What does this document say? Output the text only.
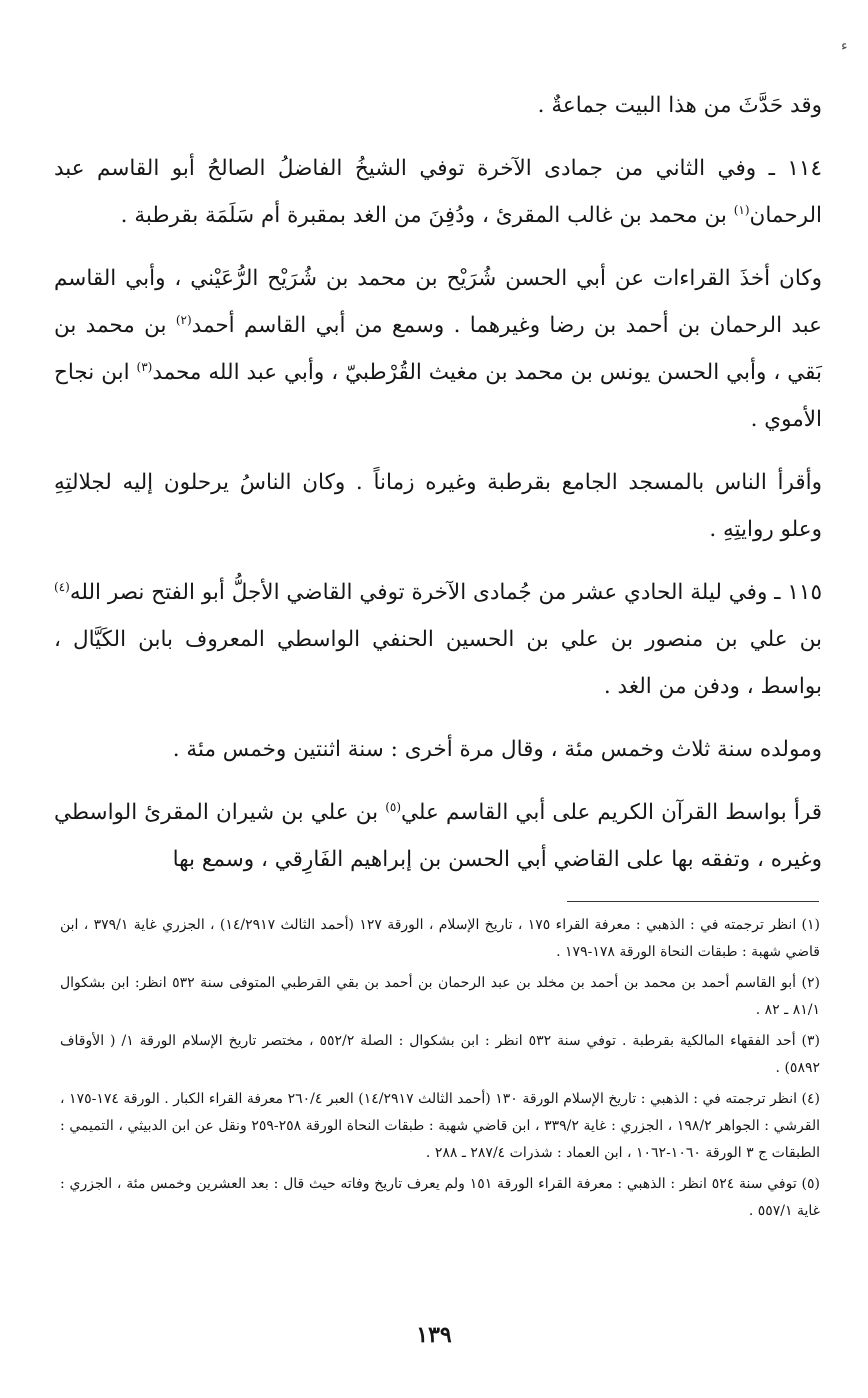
ء

وقد حَدَّثَ من هذا البيت جماعةٌ .

١١٤ ـ وفي الثاني من جمادى الآخرة توفي الشيخُ الفاضلُ الصالحُ أبو القاسم عبد الرحمان$^{(١)}$ بن محمد بن غالب المقرئ ، ودُفِنَ من الغد بمقبرة أم سَلَمَة بقرطبة .

وكان أخذَ القراءات عن أبي الحسن شُرَيْح بن محمد بن شُرَيْح الرُّعَيْني ، وأبي القاسم عبد الرحمان بن أحمد بن رضا وغيرهما . وسمع من أبي القاسم أحمد$^{(٢)}$ بن محمد بن بَقي ، وأبي الحسن يونس بن محمد بن مغيث القُرْطبيّ ، وأبي عبد الله محمد$^{(٣)}$ ابن نجاح الأموي .

وأقرأ الناس بالمسجد الجامع بقرطبة وغيره زماناً . وكان الناسُ يرحلون إليه لجلالتِهِ وعلو روايتِهِ .

١١٥ ـ وفي ليلة الحادي عشر من جُمادى الآخرة توفي القاضي الأجلُّ أبو الفتح نصر الله$^{(٤)}$ بن علي بن منصور بن علي بن الحسين الحنفي الواسطي المعروف بابن الكَيَّال ، بواسط ، ودفن من الغد .

ومولده سنة ثلاث وخمس مئة ، وقال مرة أخرى : سنة اثنتين وخمس مئة .

قرأ بواسط القرآن الكريم على أبي القاسم علي$^{(٥)}$ بن علي بن شيران المقرئ الواسطي وغيره ، وتفقه بها على القاضي أبي الحسن بن إبراهيم الفَارِقي ، وسمع بها

(١) انظر ترجمته في : الذهبي : معرفة القراء ١٧٥ ، تاريخ الإسلام ، الورقة ١٢٧ (أحمد الثالث ١٤/٢٩١٧) ، الجزري غاية ٣٧٩/١ ، ابن قاضي شهبة : طبقات النحاة الورقة ١٧٨-١٧٩ .

(٢) أبو القاسم أحمد بن محمد بن أحمد بن مخلد بن عبد الرحمان بن أحمد بن بقي القرطبي المتوفى سنة ٥٣٢ انظر: ابن بشكوال ٨١/١ ـ ٨٢ .

(٣) أحد الفقهاء المالكية بقرطبة . توفي سنة ٥٣٢ انظر : ابن بشكوال : الصلة ٥٥٢/٢ ، مختصر تاريخ الإسلام الورقة ١/ ( الأوقاف ٥٨٩٢) .

(٤) انظر ترجمته في : الذهبي : تاريخ الإسلام الورقة ١٣٠ (أحمد الثالث ١٤/٢٩١٧) العبر ٢٦٠/٤ معرفة القراء الكبار . الورقة ١٧٤-١٧٥ ، القرشي : الجواهر ١٩٨/٢ ، الجزري : غاية ٣٣٩/٢ ، ابن قاضي شهبة : طبقات النحاة الورقة ٢٥٨-٢٥٩ ونقل عن ابن الدبيثي ، التميمي : الطبقات ج ٣ الورقة ١٠٦٠-١٠٦٢ ، ابن العماد : شذرات ٢٨٧/٤ ـ ٢٨٨ .

(٥) توفي سنة ٥٢٤ انظر : الذهبي : معرفة القراء الورقة ١٥١ ولم يعرف تاريخ وفاته حيث قال : بعد العشرين وخمس مئة ، الجزري : غاية ٥٥٧/١ .

١٣٩
